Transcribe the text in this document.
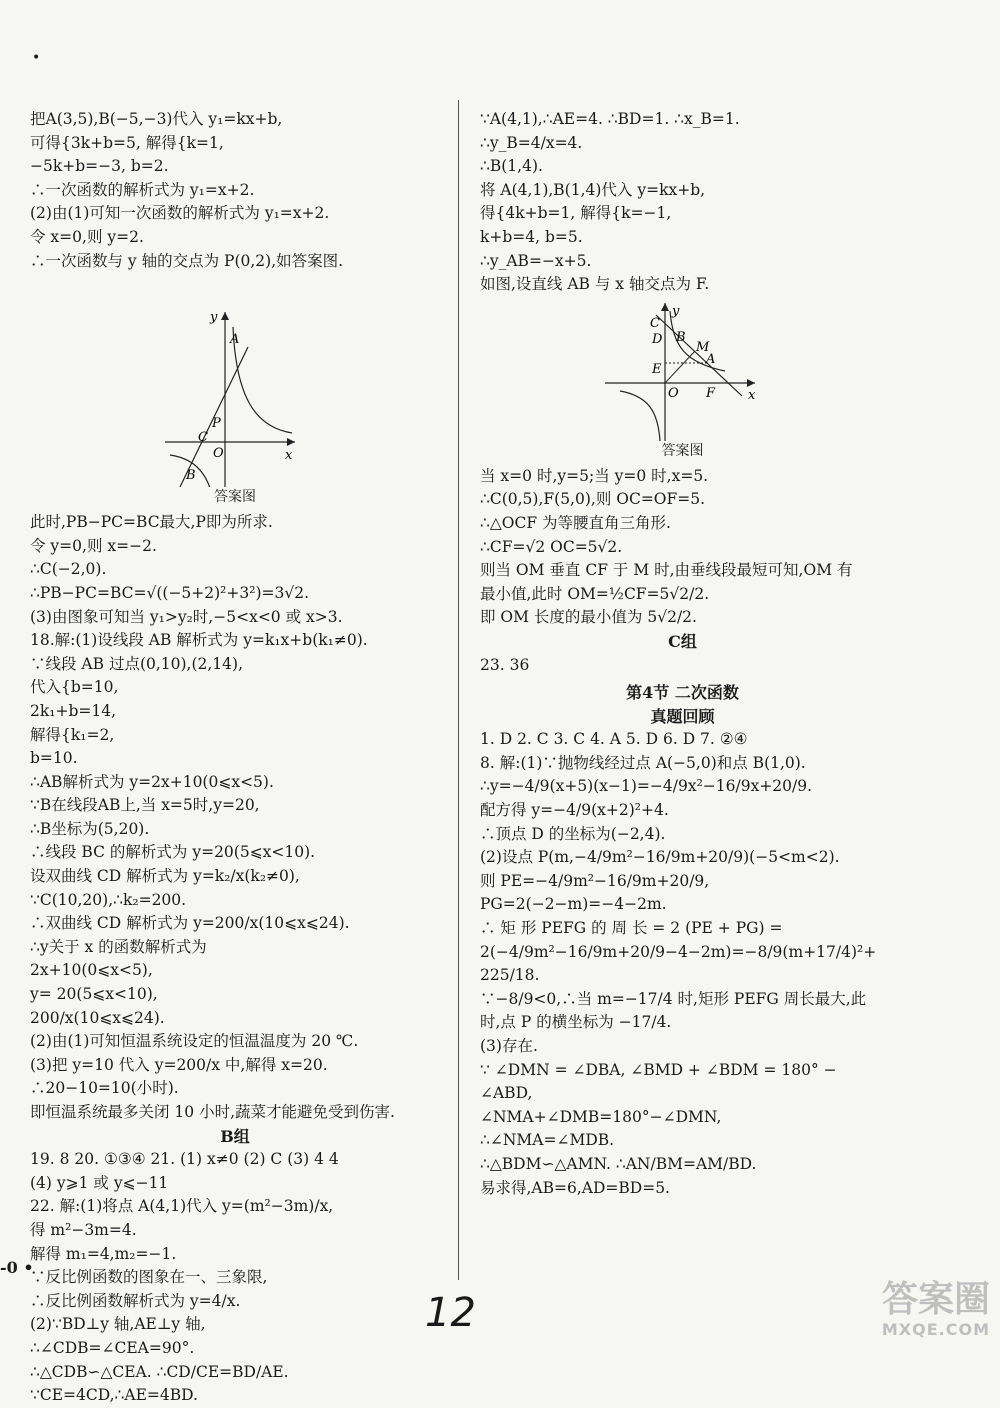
•
把A(3,5),B(−5,−3)代入 y₁=kx+b,
可得{3k+b=5, 解得{k=1,
−5k+b=−3, b=2.
∴一次函数的解析式为 y₁=x+2.
(2)由(1)可知一次函数的解析式为 y₁=x+2.
令 x=0,则 y=2.
∴一次函数与 y 轴的交点为 P(0,2),如答案图.
y
P
A
C
O	x
B
答案图
此时,PB−PC=BC最大,P即为所求.
令 y=0,则 x=−2.
∴C(−2,0).
∴PB−PC=BC=√((−5+2)²+3²)=3√2.
(3)由图象可知当 y₁>y₂时,−5<x<0 或 x>3.
18.解:(1)设线段 AB 解析式为 y=k₁x+b(k₁≠0).
∵线段 AB 过点(0,10),(2,14),
代入{b=10,
2k₁+b=14,
解得{k₁=2,
b=10.
∴AB解析式为 y=2x+10(0⩽x<5).
∵B在线段AB上,当 x=5时,y=20,
∴B坐标为(5,20).
∴线段 BC 的解析式为 y=20(5⩽x<10).
设双曲线 CD 解析式为 y=k₂/x(k₂≠0),
∵C(10,20),∴k₂=200.
∴双曲线 CD 解析式为 y=200/x(10⩽x⩽24).
∴y关于 x 的函数解析式为
2x+10(0⩽x<5),
y= 20(5⩽x<10),
200/x(10⩽x⩽24).
(2)由(1)可知恒温系统设定的恒温温度为 20 ℃.
(3)把 y=10 代入 y=200/x 中,解得 x=20.
∴20−10=10(小时).
即恒温系统最多关闭 10 小时,蔬菜才能避免受到伤害.
B组
19. 8 20. ①③④ 21. (1) x≠0 (2) C (3) 4 4
(4) y⩾1 或 y⩽−11
22. 解:(1)将点 A(4,1)代入 y=(m²−3m)/x,
得 m²−3m=4.
解得 m₁=4,m₂=−1.
∵反比例函数的图象在一、三象限,
∴反比例函数解析式为 y=4/x.
(2)∵BD⊥y 轴,AE⊥y 轴,
∴∠CDB=∠CEA=90°.
∴△CDB∽△CEA. ∴CD/CE=BD/AE.
∵CE=4CD,∴AE=4BD.
∵A(4,1),∴AE=4. ∴BD=1. ∴x_B=1.
∴y_B=4/x=4.
∴B(1,4).
将 A(4,1),B(1,4)代入 y=kx+b,
得{4k+b=1, 解得{k=−1,
k+b=4, b=5.
∴y_AB=−x+5.
如图,设直线 AB 与 x 轴交点为 F.
y
C
D B
M
A
E
O F	x
答案图
当 x=0 时,y=5;当 y=0 时,x=5.
∴C(0,5),F(5,0),则 OC=OF=5.
∴△OCF 为等腰直角三角形.
∴CF=√2 OC=5√2.
则当 OM 垂直 CF 于 M 时,由垂线段最短可知,OM 有
最小值,此时 OM=½CF=5√2/2.
即 OM 长度的最小值为 5√2/2.
C组
23. 36
第4节 二次函数
真题回顾
1. D 2. C 3. C 4. A 5. D 6. D 7. ②④
8. 解:(1)∵抛物线经过点 A(−5,0)和点 B(1,0).
∴y=−4/9(x+5)(x−1)=−4/9x²−16/9x+20/9.
配方得 y=−4/9(x+2)²+4.
∴顶点 D 的坐标为(−2,4).
(2)设点 P(m,−4/9m²−16/9m+20/9)(−5<m<2).
则 PE=−4/9m²−16/9m+20/9,
PG=2(−2−m)=−4−2m.
∴ 矩 形 PEFG 的 周 长 = 2 (PE + PG) =
2(−4/9m²−16/9m+20/9−4−2m)=−8/9(m+17/4)²+
225/18.
∵−8/9<0,∴当 m=−17/4 时,矩形 PEFG 周长最大,此
时,点 P 的横坐标为 −17/4.
(3)存在.
∵ ∠DMN = ∠DBA, ∠BMD + ∠BDM = 180° −
∠ABD,
∠NMA+∠DMB=180°−∠DMN,
∴∠NMA=∠MDB.
∴△BDM∽△AMN. ∴AN/BM=AM/BD.
易求得,AB=6,AD=BD=5.
-0 •
12	答案圈
MXQE.COM
